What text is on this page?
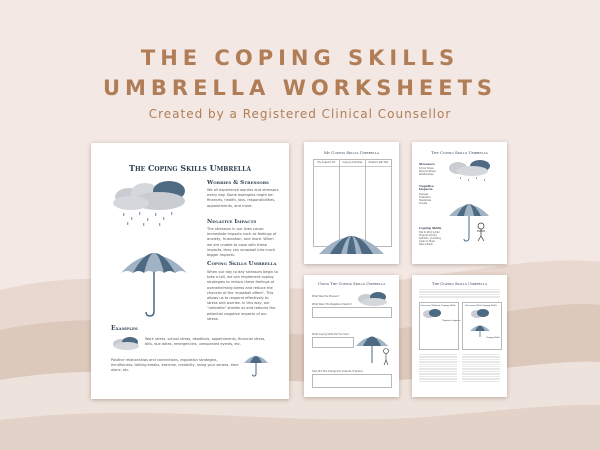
THE COPING SKILLS
UMBRELLA WORKSHEETS
Created by a Registered Clinical Counsellor
The Coping Skills Umbrella
Worries & Stressors
We all experience worries and stressors every day. Some examples might be: finances, health, loss, responsibilities, appointments, and more.
Negative Impacts
The stressors in our lives cause immediate impacts such as feelings of anxiety, frustration, and more. When we are unable to cope with these impacts, they can snowball into much bigger impacts.
Coping Skills Umbrella
When our day to day stressors begin to take a toll, we can implement coping strategies to reduce these feelings of overwhelming stress and reduce the chances of the 'snowball effect'. This allows us to respond effectively to stress and worries. In this way, our "umbrella" shields us and reduces the potential negative impacts of our stress.
Examples
Work stress, school stress, deadlines, appointments, financial stress, bills, due dates, emergencies, unexpected events, etc.
Positive relationships and connections, regulation strategies, mindfulness, talking breaks, exercise, creativity, using your senses, time alone, etc.
My Coping Skills Umbrella
My Support #1	Coping Activities	Positive Self Talk
The Coping Skills Umbrella
Stressors
School Stress
Personal Stress
Relationships
Negative Impacts
Sadness
Frustration
Headaches
Anxiety
Coping Skills
Talk to Mom & Dad
Physical Activity
Self-talk / Journaling
Listen to Music
Take a Break
Using The Coping Skills Umbrella
What Was the Stressor?
What Were The Negative Impacts?
What Coping Skills Did You Use?
How Did This Change the Impacts of Stress?
The Coping Skills Umbrella
Stressors Without Coping Skills	Stressors With Coping Skills
Negative Impacts
Coping Skills
